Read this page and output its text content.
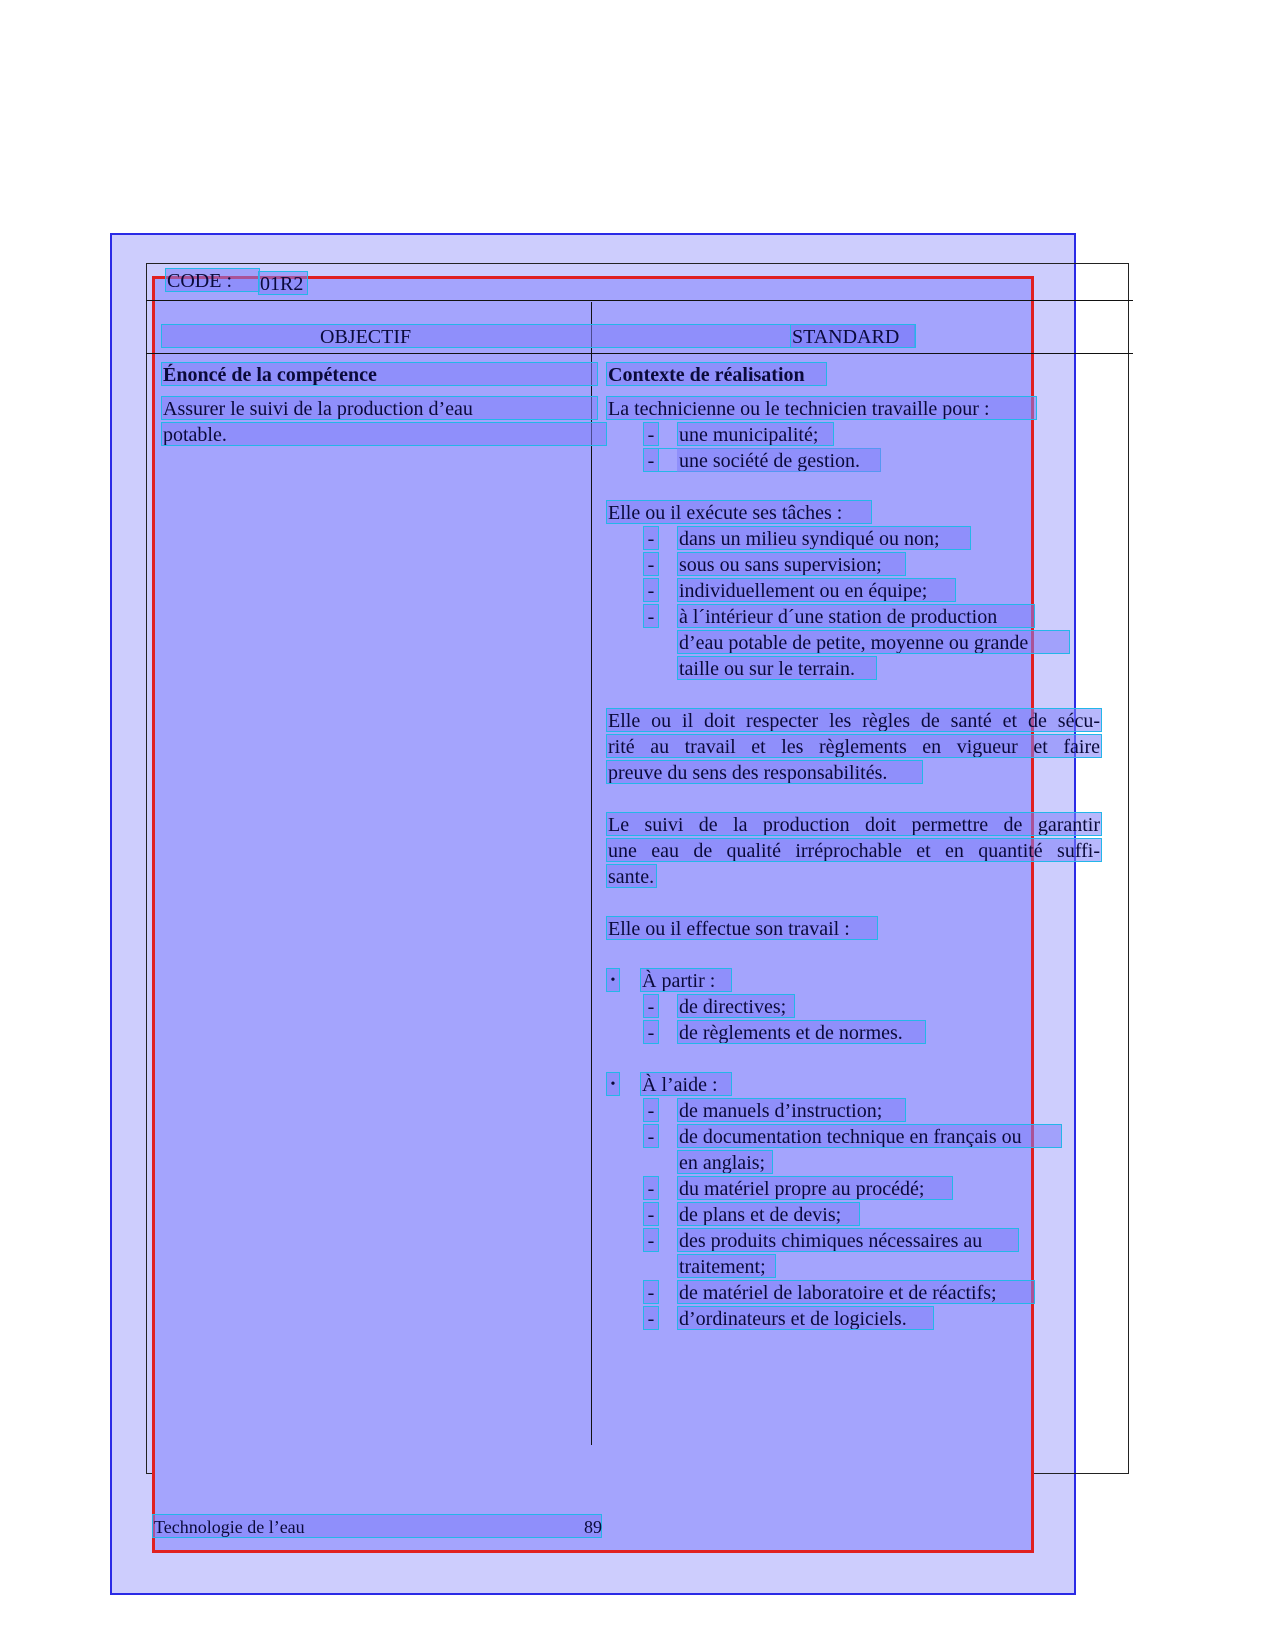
CODE :	01R2
OBJECTIF	STANDARD
Énoncé de la compétence
Assurer le suivi de la production d’eau
potable.
Contexte de réalisation
La technicienne ou le technicien travaille pour :
- une municipalité;
- une société de gestion.
Elle ou il exécute ses tâches :
- dans un milieu syndiqué ou non;
- sous ou sans supervision;
- individuellement ou en équipe;
- à l´intérieur d´une station de production
d’eau potable de petite, moyenne ou grande
taille ou sur le terrain.
Elle ou il doit respecter les règles de santé et de sécu-
rité au travail et les règlements en vigueur et faire
preuve du sens des responsabilités.
Le suivi de la production doit permettre de garantir
une eau de qualité irréprochable et en quantité suffi-
sante.
Elle ou il effectue son travail :
• À partir :
- de directives;
- de règlements et de normes.
• À l’aide :
- de manuels d’instruction;
- de documentation technique en français ou
en anglais;
- du matériel propre au procédé;
- de plans et de devis;
- des produits chimiques nécessaires au
traitement;
- de matériel de laboratoire et de réactifs;
- d’ordinateurs et de logiciels.
Technologie de l’eau	89
